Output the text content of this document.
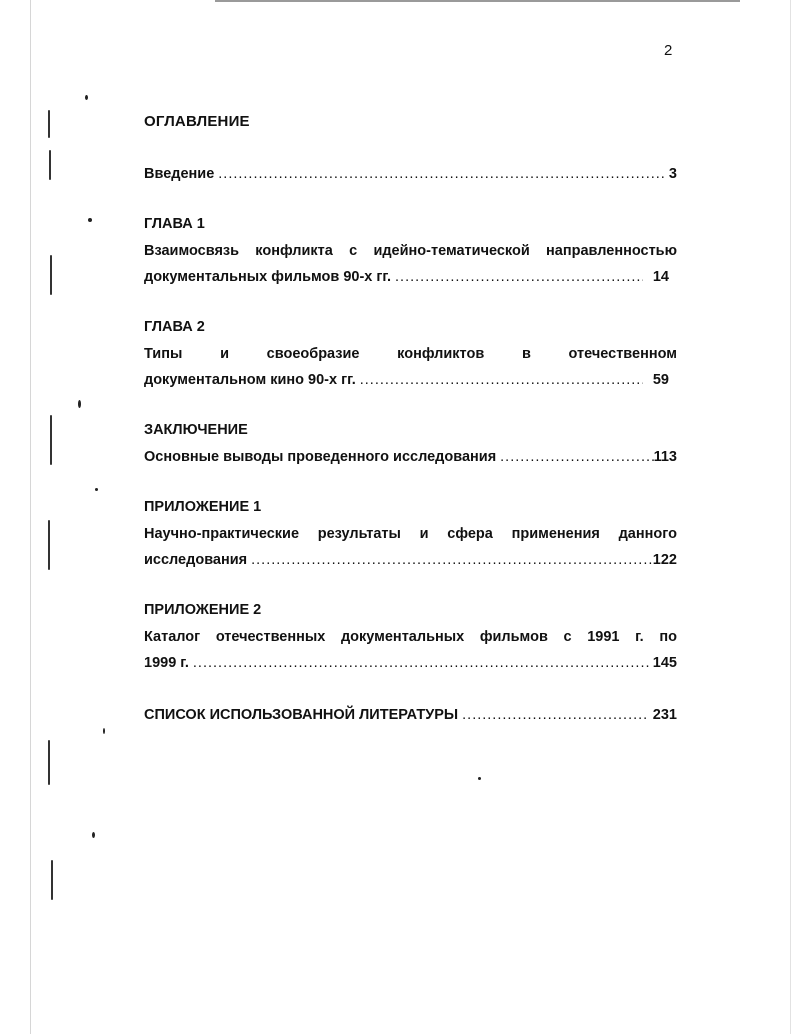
2
ОГЛАВЛЕНИЕ
Введение .....	3
ГЛАВА 1
Взаимосвязь конфликта с идейно-тематической направленностью
документальных фильмов 90-х гг. .....	14
ГЛАВА 2
Типы	и	своеобразие	конфликтов	в	отечественном
документальном кино 90-х гг. .....	59
ЗАКЛЮЧЕНИЕ
Основные выводы проведенного исследования .....	113
ПРИЛОЖЕНИЕ 1
Научно-практические результаты и сфера применения данного
исследования .....	122
ПРИЛОЖЕНИЕ 2
Каталог отечественных документальных фильмов с 1991 г. по
1999 г. .....	145
СПИСОК ИСПОЛЬЗОВАННОЙ ЛИТЕРАТУРЫ .....	231
